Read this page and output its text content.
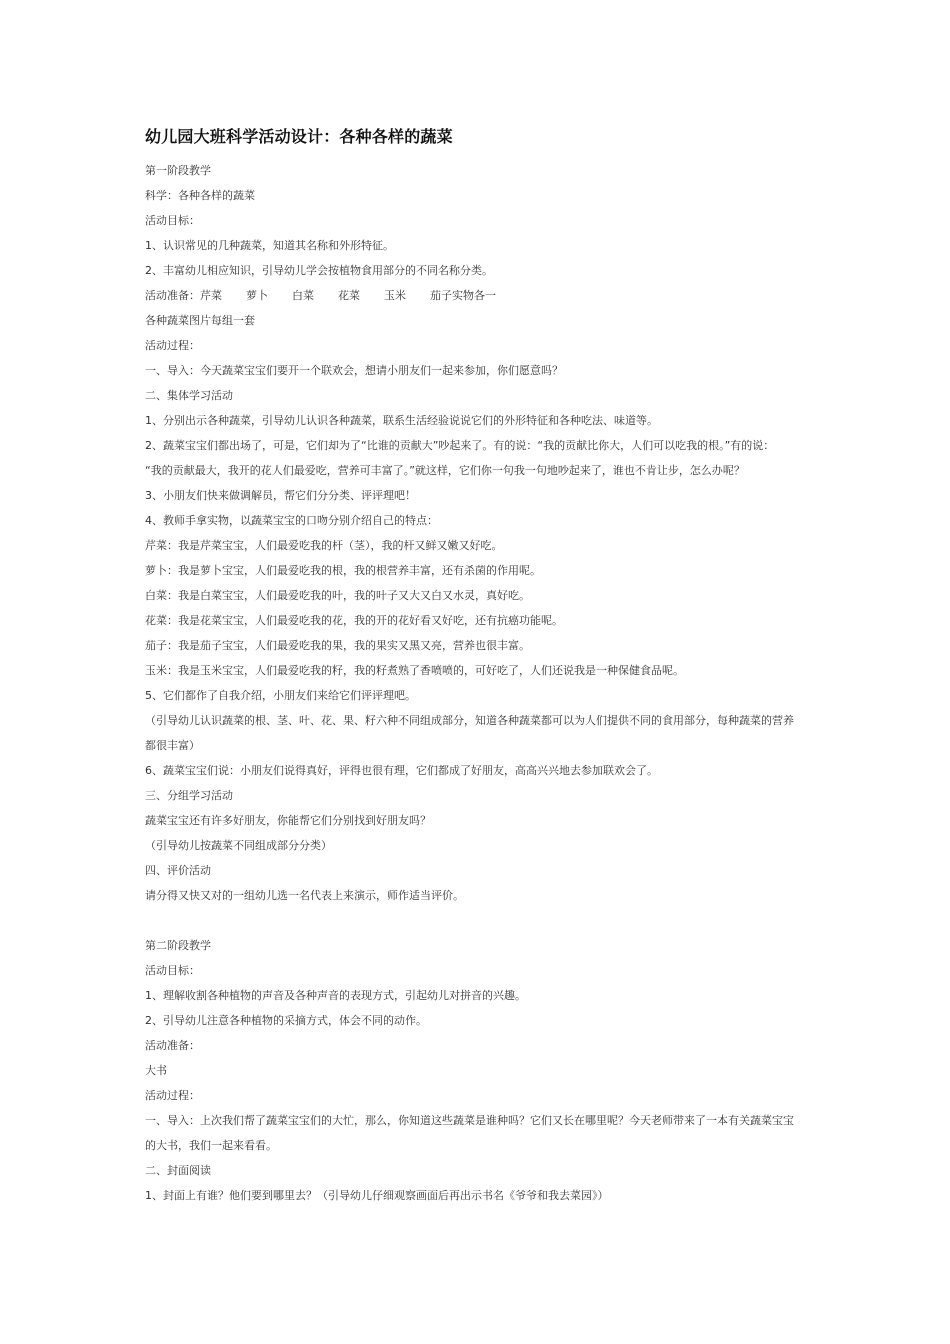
幼儿园大班科学活动设计：各种各样的蔬菜
第一阶段教学
科学：各种各样的蔬菜
活动目标：
1、认识常见的几种蔬菜，知道其名称和外形特征。
2、丰富幼儿相应知识，引导幼儿学会按植物食用部分的不同名称分类。
活动准备：芹菜 萝卜 白菜 花菜 玉米 茄子实物各一
各种蔬菜图片每组一套
活动过程：
一、导入：今天蔬菜宝宝们要开一个联欢会，想请小朋友们一起来参加，你们愿意吗？
二、集体学习活动
1、分别出示各种蔬菜，引导幼儿认识各种蔬菜，联系生活经验说说它们的外形特征和各种吃法、味道等。
2、蔬菜宝宝们都出场了，可是，它们却为了“比谁的贡献大”吵起来了。有的说：“我的贡献比你大，人们可以吃我的根。”有的说：
“我的贡献最大，我开的花人们最爱吃，营养可丰富了。”就这样，它们你一句我一句地吵起来了，谁也不肯让步，怎么办呢？
3、小朋友们快来做调解员，帮它们分分类、评评理吧！
4、教师手拿实物，以蔬菜宝宝的口吻分别介绍自己的特点：
芹菜：我是芹菜宝宝，人们最爱吃我的杆（茎），我的杆又鲜又嫩又好吃。
萝卜：我是萝卜宝宝，人们最爱吃我的根，我的根营养丰富，还有杀菌的作用呢。
白菜：我是白菜宝宝，人们最爱吃我的叶，我的叶子又大又白又水灵，真好吃。
花菜：我是花菜宝宝，人们最爱吃我的花，我的开的花好看又好吃，还有抗癌功能呢。
茄子：我是茄子宝宝，人们最爱吃我的果，我的果实又黑又亮，营养也很丰富。
玉米：我是玉米宝宝，人们最爱吃我的籽，我的籽煮熟了香喷喷的，可好吃了，人们还说我是一种保健食品呢。
5、它们都作了自我介绍，小朋友们来给它们评评理吧。
（引导幼儿认识蔬菜的根、茎、叶、花、果、籽六种不同组成部分，知道各种蔬菜都可以为人们提供不同的食用部分，每种蔬菜的营养
都很丰富）
6、蔬菜宝宝们说：小朋友们说得真好，评得也很有理，它们都成了好朋友，高高兴兴地去参加联欢会了。
三、分组学习活动
蔬菜宝宝还有许多好朋友，你能帮它们分别找到好朋友吗？
（引导幼儿按蔬菜不同组成部分分类）
四、评价活动
请分得又快又对的一组幼儿选一名代表上来演示，师作适当评价。
第二阶段教学
活动目标：
1、理解收割各种植物的声音及各种声音的表现方式，引起幼儿对拼音的兴趣。
2、引导幼儿注意各种植物的采摘方式，体会不同的动作。
活动准备：
大书
活动过程：
一、导入：上次我们帮了蔬菜宝宝们的大忙，那么，你知道这些蔬菜是谁种吗？它们又长在哪里呢？今天老师带来了一本有关蔬菜宝宝
的大书，我们一起来看看。
二、封面阅读
1、封面上有谁？他们要到哪里去？（引导幼儿仔细观察画面后再出示书名《爷爷和我去菜园》）
